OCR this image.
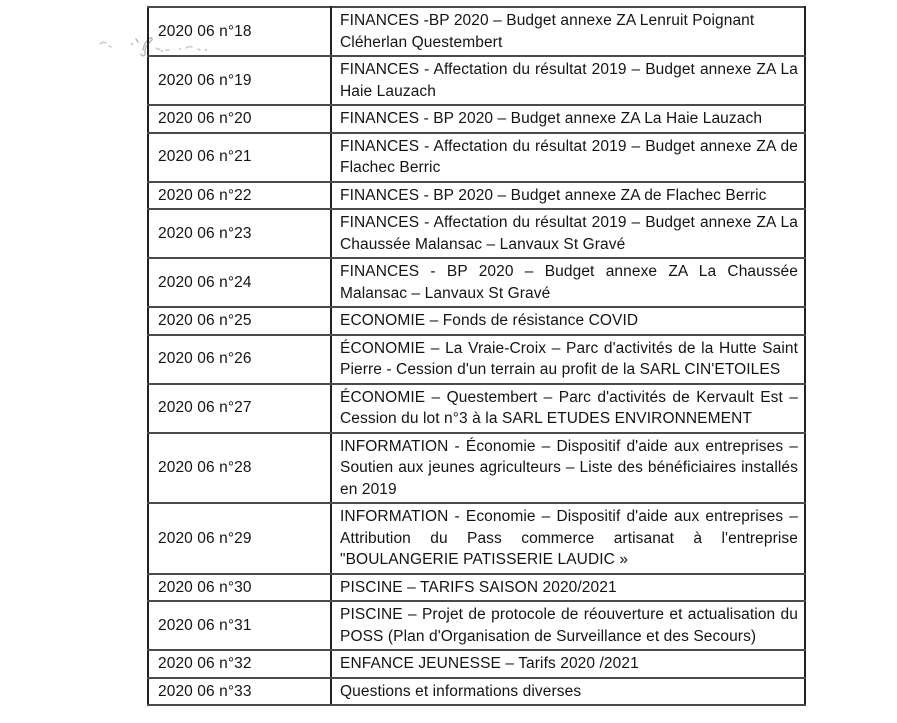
2020 06 n°18	FINANCES -BP 2020 – Budget annexe ZA Lenruit Poignant Cléherlan Questembert
2020 06 n°19	FINANCES - Affectation du résultat 2019 – Budget annexe ZA La Haie Lauzach
2020 06 n°20	FINANCES - BP 2020 – Budget annexe ZA La Haie Lauzach
2020 06 n°21	FINANCES - Affectation du résultat 2019 – Budget annexe ZA de Flachec Berric
2020 06 n°22	FINANCES - BP 2020 – Budget annexe ZA de Flachec Berric
2020 06 n°23	FINANCES - Affectation du résultat 2019 – Budget annexe ZA La Chaussée Malansac – Lanvaux St Gravé
2020 06 n°24	FINANCES - BP 2020 – Budget annexe ZA La Chaussée Malansac – Lanvaux St Gravé
2020 06 n°25	ECONOMIE – Fonds de résistance COVID
2020 06 n°26	ÉCONOMIE – La Vraie-Croix – Parc d'activités de la Hutte Saint Pierre - Cession d'un terrain au profit de la SARL CIN'ETOILES
2020 06 n°27	ÉCONOMIE – Questembert – Parc d'activités de Kervault Est – Cession du lot n°3 à la SARL ETUDES ENVIRONNEMENT
2020 06 n°28	INFORMATION - Économie – Dispositif d'aide aux entreprises – Soutien aux jeunes agriculteurs – Liste des bénéficiaires installés en 2019
2020 06 n°29	INFORMATION - Economie – Dispositif d'aide aux entreprises – Attribution du Pass commerce artisanat à l'entreprise "BOULANGERIE PATISSERIE LAUDIC »
2020 06 n°30	PISCINE – TARIFS SAISON 2020/2021
2020 06 n°31	PISCINE – Projet de protocole de réouverture et actualisation du POSS (Plan d'Organisation de Surveillance et des Secours)
2020 06 n°32	ENFANCE JEUNESSE – Tarifs 2020 /2021
2020 06 n°33	Questions et informations diverses
